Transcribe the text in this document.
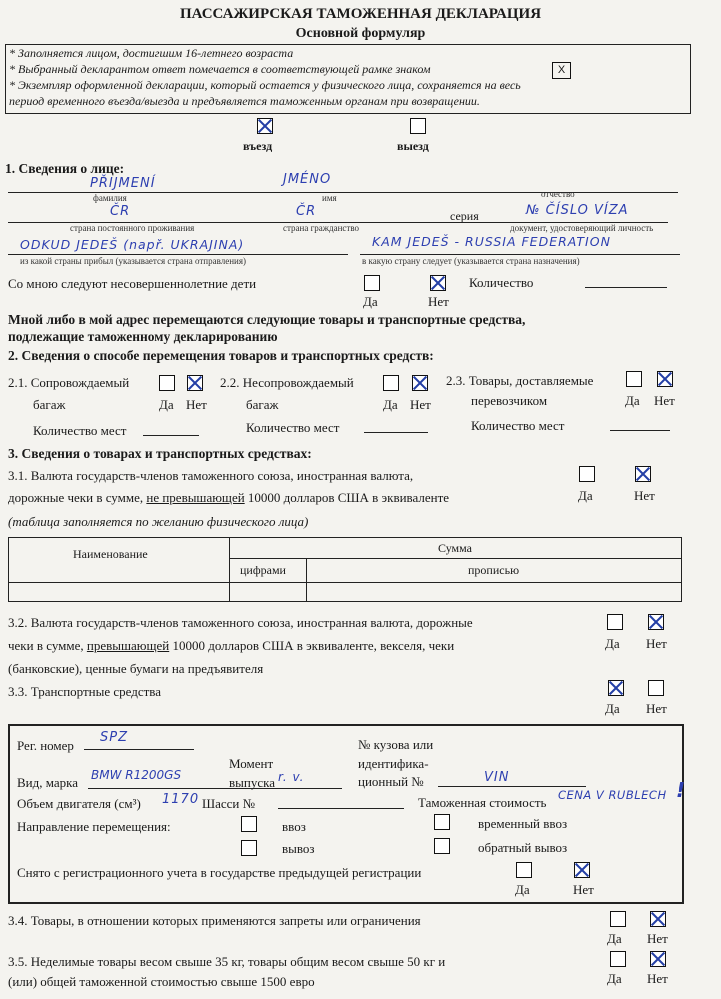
ПАССАЖИРСКАЯ ТАМОЖЕННАЯ ДЕКЛАРАЦИЯ
Основной формуляр
* Заполняется лицом, достигшим 16-летнего возраста
* Выбранный декларантом ответ помечается в соответствующей рамке знаком	X
* Экземпляр оформленной декларации, который остается у физического лица, сохраняется на весь
период временного въезда/выезда и предъявляется таможенным органам при возвращении.
въезд	выезд
1. Сведения о лице:
PŘIJMENÍ	JMÉNO
фамилия	имя	отчество
ČR	ČR	серия	№ ČÍSLO VÍZA
страна постоянного проживания	страна гражданство	документ, удостоверяющий личность
ODKUD JEDEŠ (např. UKRAJINA)	KAM JEDEŠ - RUSSIA FEDERATION
из какой страны прибыл (указывается страна отправления)	в какую страну следует (указывается страна назначения)
Со мною следуют несовершеннолетние дети
Да	Нет
Количество
Мной либо в мой адрес перемещаются следующие товары и транспортные средства,
подлежащие таможенному декларированию
2. Сведения о способе перемещения товаров и транспортных средств:
2.1. Сопровождаемый
багаж	Да Нет
2.2. Несопровождаемый
багаж	Да Нет
2.3. Товары, доставляемые
перевозчиком	Да Нет
Количество мест	Количество мест	Количество мест
3. Сведения о товарах и транспортных средствах:
3.1. Валюта государств-членов таможенного союза, иностранная валюта,
дорожные чеки в сумме, не превышающей 10000 долларов США в эквиваленте	Да	Нет
(таблица заполняется по желанию физического лица)
Наименование	Сумма
цифрами	прописью
3.2. Валюта государств-членов таможенного союза, иностранная валюта, дорожные
чеки в сумме, превышающей 10000 долларов США в эквиваленте, векселя, чеки
(банковские), ценные бумаги на предъявителя
Да Нет
3.3. Транспортные средства
Да Нет
Рег. номер
SPZ	№ кузова или
идентифика-
ционный №	VIN
Момент
Вид, марка BMW R1200GS	выпуска r. v.
Объем двигателя (см³) 1170 Шасси №	Таможенная стоимость CENA V RUBLECH !
Направление перемещения:	ввоз	временный ввоз
вывоз	обратный вывоз
Снято с регистрационного учета в государстве предыдущей регистрации
Да	Нет
3.4. Товары, в отношении которых применяются запреты или ограничения
Да Нет
3.5. Неделимые товары весом свыше 35 кг, товары общим весом свыше 50 кг и
(или) общей таможенной стоимостью свыше 1500 евро	Да Нет
